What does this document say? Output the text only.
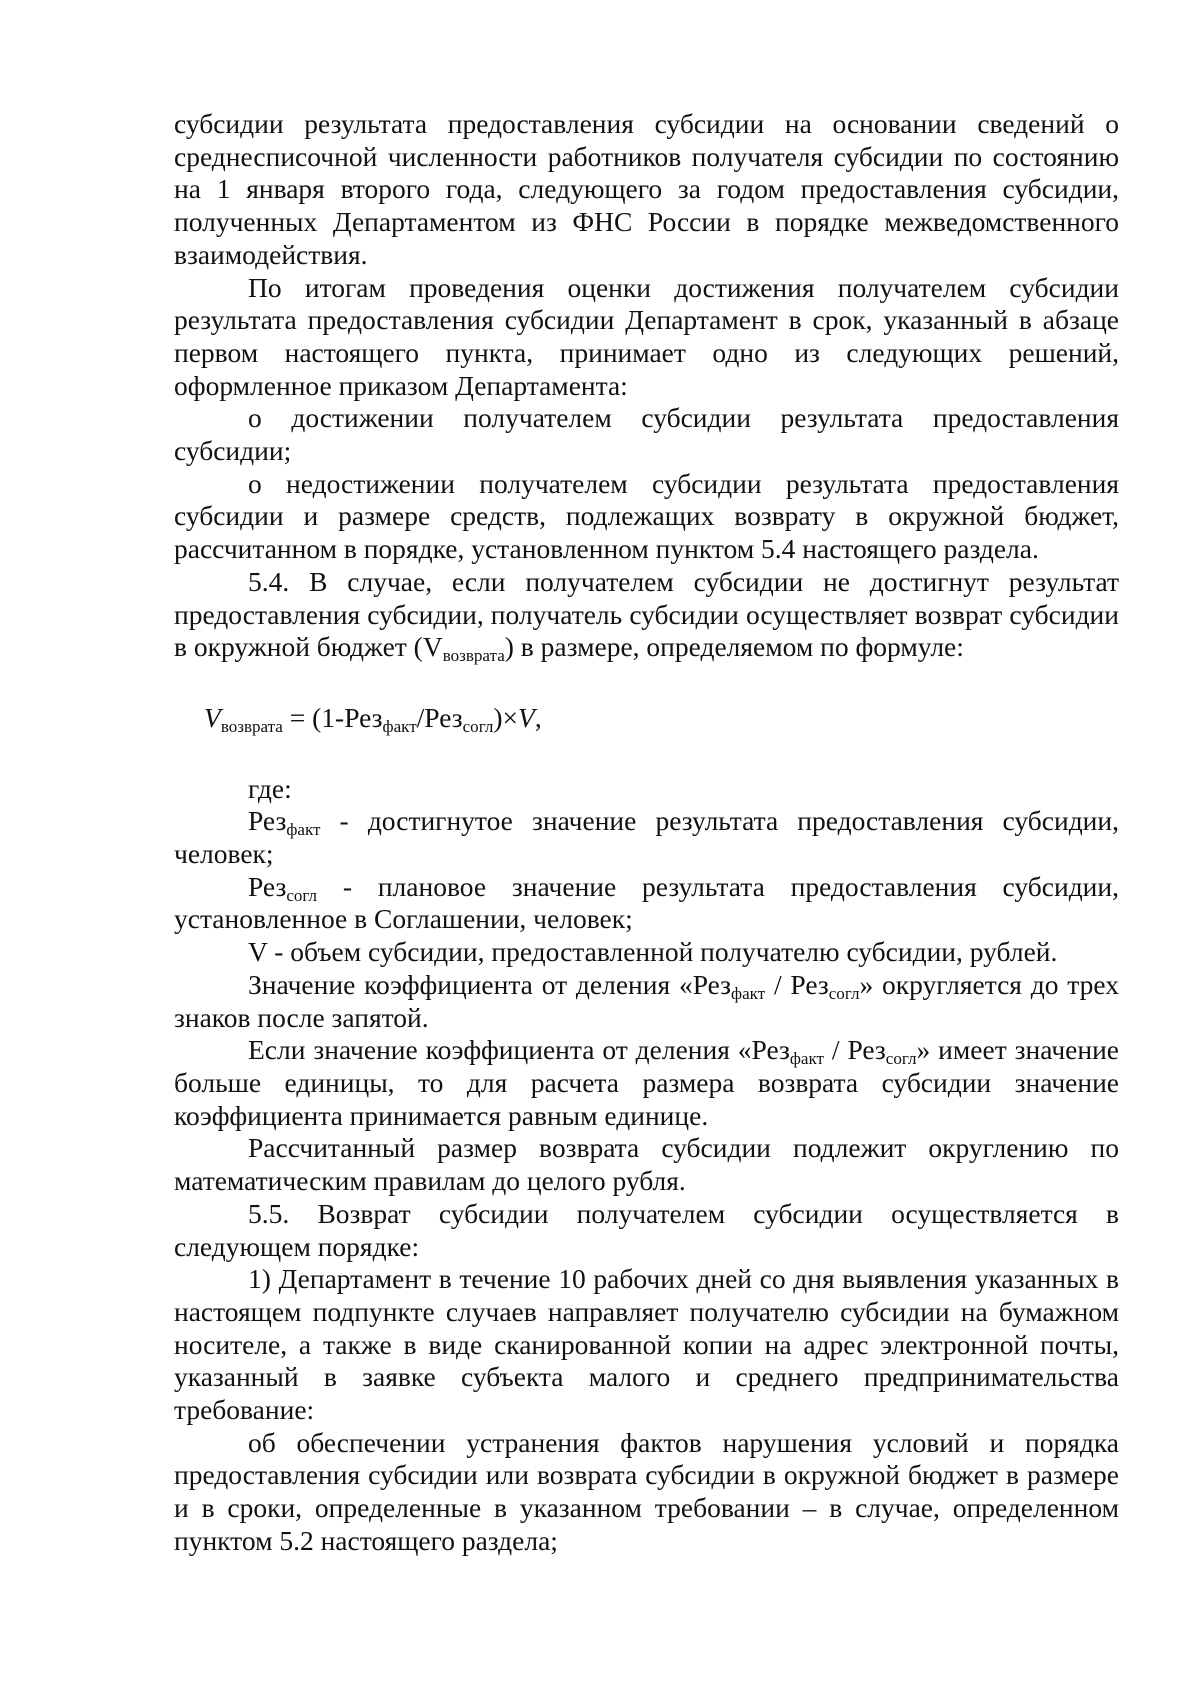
субсидии результата предоставления субсидии на основании сведений о среднесписочной численности работников получателя субсидии по состоянию на 1 января второго года, следующего за годом предоставления субсидии, полученных Департаментом из ФНС России в порядке межведомственного взаимодействия.

По итогам проведения оценки достижения получателем субсидии результата предоставления субсидии Департамент в срок, указанный в абзаце первом настоящего пункта, принимает одно из следующих решений, оформленное приказом Департамента:

о достижении получателем субсидии результата предоставления субсидии;

о недостижении получателем субсидии результата предоставления субсидии и размере средств, подлежащих возврату в окружной бюджет, рассчитанном в порядке, установленном пунктом 5.4 настоящего раздела.

5.4. В случае, если получателем субсидии не достигнут результат предоставления субсидии, получатель субсидии осуществляет возврат субсидии в окружной бюджет $(V_{возврата})$ в размере, определяемом по формуле:

$V_{возврата} = (1-Рез_{факт}/Рез_{согл})\times V$,

где:

Рез$_{факт}$ - достигнутое значение результата предоставления субсидии, человек;

Рез$_{согл}$ - плановое значение результата предоставления субсидии, установленное в Соглашении, человек;

V - объем субсидии, предоставленной получателю субсидии, рублей.

Значение коэффициента от деления «Рез$_{факт}$ / Рез$_{согл}$» округляется до трех знаков после запятой.

Если значение коэффициента от деления «Рез$_{факт}$ / Рез$_{согл}$» имеет значение больше единицы, то для расчета размера возврата субсидии значение коэффициента принимается равным единице.

Рассчитанный размер возврата субсидии подлежит округлению по математическим правилам до целого рубля.

5.5. Возврат субсидии получателем субсидии осуществляется в следующем порядке:

1) Департамент в течение 10 рабочих дней со дня выявления указанных в настоящем подпункте случаев направляет получателю субсидии на бумажном носителе, а также в виде сканированной копии на адрес электронной почты, указанный в заявке субъекта малого и среднего предпринимательства требование:

об обеспечении устранения фактов нарушения условий и порядка предоставления субсидии или возврата субсидии в окружной бюджет в размере и в сроки, определенные в указанном требовании – в случае, определенном пунктом 5.2 настоящего раздела;
